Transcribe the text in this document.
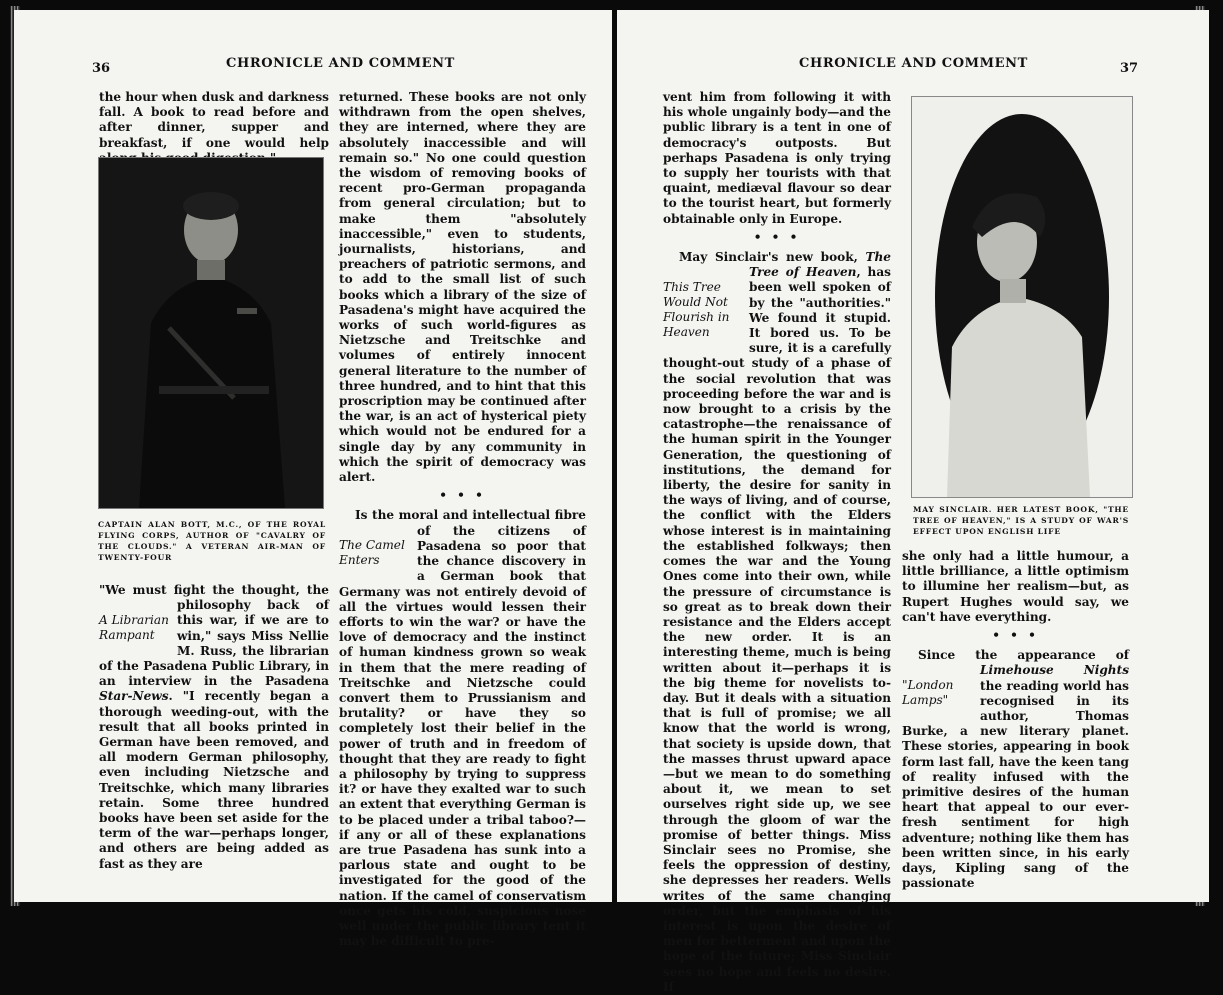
36	CHRONICLE AND COMMENT

the hour when dusk and darkness fall. A book to read before and after dinner, supper and breakfast, if one would help

CAPTAIN ALAN BOTT, M.C., OF THE ROYAL FLYING CORPS, AUTHOR OF "CAVALRY OF THE CLOUDS." A VETERAN AIR-MAN OF TWENTY-FOUR
A Librarian Rampant

"We must fight the thought, the philosophy back of this war, if we are to win," says Miss Nellie M. Russ, the librarian of the Pasadena Public Library, in an interview in the Pasadena Star-News. "I recently began a thorough weeding-out, with the result that all books printed in German have been removed, and all modern German philosophy, even including Nietzsche and Treitschke, which many libraries retain. Some three hundred books have been set aside for the term of the war—perhaps longer, and others are being added as fast as they are

returned. These books are not only withdrawn from the open shelves, they are interned, where they are absolutely inaccessible and will remain so." No one could question the wisdom of removing books of recent pro-German propaganda from general circulation; but to make them "absolutely inaccessible," even to students, journalists, historians, and preachers of patriotic sermons, and to add to the small list of such books which a library of the size of Pasadena's might have acquired the works of such world-figures as Nietzsche and Treitschke and volumes of entirely innocent general literature to the number of three hundred, and to hint that this proscription may be continued after the war, is an act of hysterical piety which would not be endured for a single day by any community in which the spirit of democracy was alert.

• • •
The Camel Enters

Is the moral and intellectual fibre of the citizens of Pasadena so poor that the chance discovery in a German book that Germany was not entirely devoid of all the virtues would lessen their efforts to win the war? or have the love of democracy and the instinct of human kindness grown so weak in them that the mere reading of Treitschke and Nietzsche could convert them to Prussianism and brutality? or have they so completely lost their belief in the power of truth and in freedom of thought that they are ready to fight a philosophy by trying to suppress it? or have they exalted war to such an extent that everything German is to be placed under a tribal taboo?—if any or all of these explanations are true Pasadena has sunk into a parlous state and ought to be investigated for the good of the nation. If the camel of conservatism once gets his cold, suspicious nose well under the public library tent it may be difficult to pre-

CHRONICLE AND COMMENT	37

vent him from following it with his whole ungainly body—and the public library is a tent in one of democracy's outposts. But perhaps Pasadena is only trying to supply her tourists with that quaint, mediæval flavour so dear to the tourist heart, but formerly obtainable only in Europe.

• • •
This Tree Would Not Flourish in Heaven

May Sinclair's new book, The Tree of Heaven, has been well spoken of by the "authorities." We found it stupid. It bored us. To be sure, it is a carefully thought-out study of a phase of the social revolution that was proceeding before the war and is now brought to a crisis by the catastrophe—the renaissance of the human spirit in the Younger Generation, the questioning of institutions, the demand for liberty, the desire for sanity in the ways of living, and of course, the conflict with the Elders whose interest is in maintaining the established folkways; then comes the war and the Young Ones come into their own, while the pressure of circumstance is so great as to break down their resistance and the Elders accept the new order. It is an interesting theme, much is being written about it—perhaps it is the big theme for novelists to-day. But it deals with a situation that is full of promise; we all know that the world is wrong, that society is upside down, that the masses thrust upward apace—but we mean to do something about it, we mean to set ourselves right side up, we see through the gloom of war the promise of better things. Miss Sinclair sees no Promise, she feels the oppression of destiny, she depresses her readers. Wells writes of the same changing order, but the emphasis of his interest is upon the desire of men for betterment and upon the hope of the future; Miss Sinclair sees no hope and feels no desire. If

MAY SINCLAIR. HER LATEST BOOK, "THE TREE OF HEAVEN," IS A STUDY OF WAR'S EFFECT UPON ENGLISH LIFE

she only had a little humour, a little brilliance, a little optimism to illumine her realism—but, as Rupert Hughes would say, we can't have everything.

• • •
"London Lamps"

Since the appearance of Limehouse Nights the reading world has recognised in its author, Thomas Burke, a new literary planet. These stories, appearing in book form last fall, have the keen tang of reality infused with the primitive desires of the human heart that appeal to our ever-fresh sentiment for high adventure; nothing like them has been written since, in his early days, Kipling sang of the passionate
